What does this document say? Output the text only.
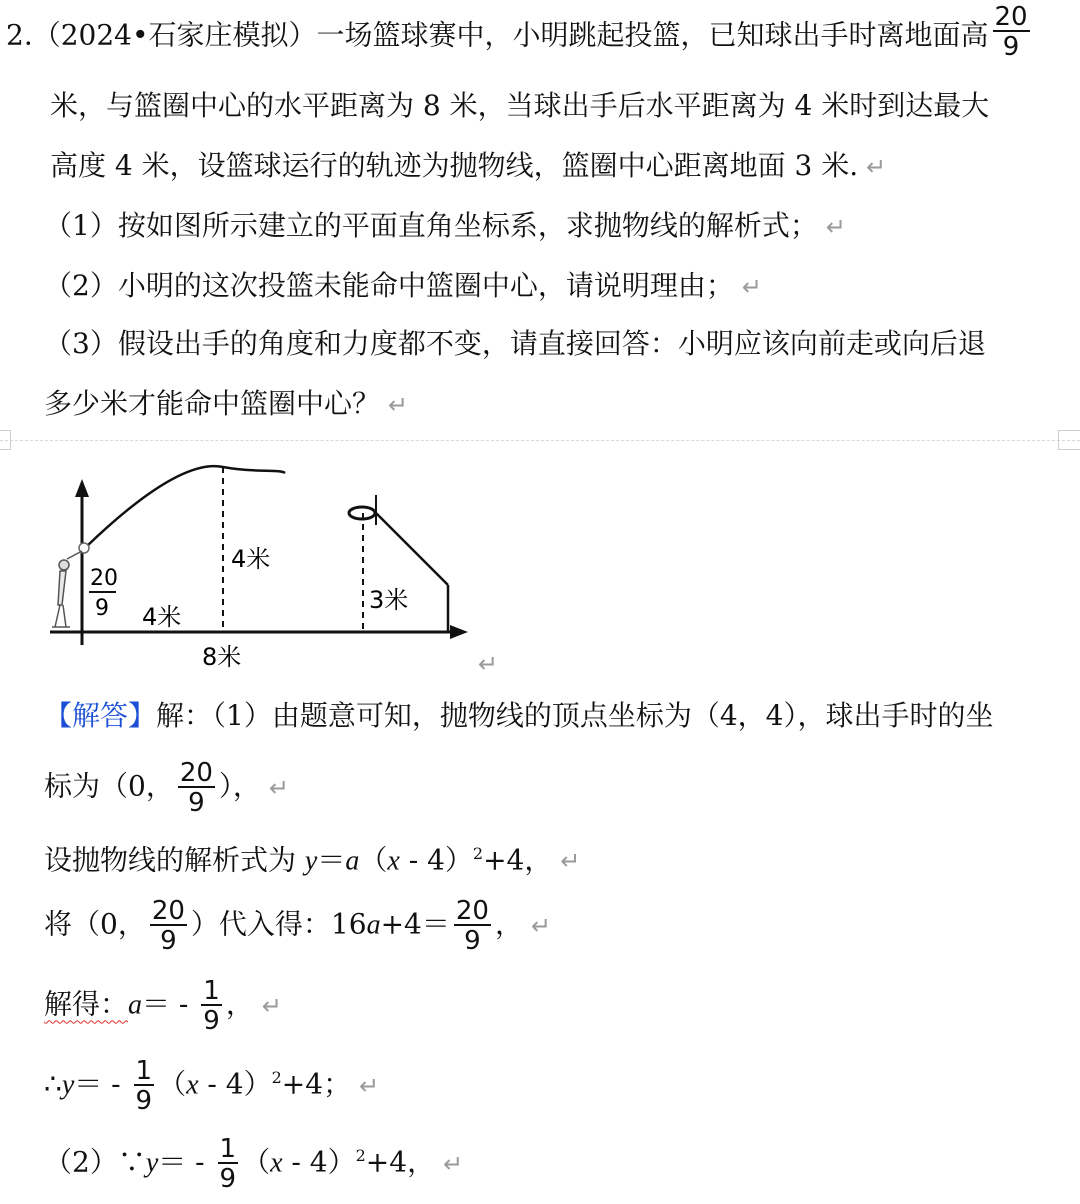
2.（2024•石家庄模拟）一场篮球赛中，小明跳起投篮，已知球出手时离地面高 $\frac{20}{9}$
米，与篮圈中心的水平距离为 8 米，当球出手后水平距离为 4 米时到达最大
高度 4 米，设篮球运行的轨迹为抛物线，篮圈中心距离地面 3 米. ↵
（1）按如图所示建立的平面直角坐标系，求抛物线的解析式； ↵
（2）小明的这次投篮未能命中篮圈中心，请说明理由； ↵
（3）假设出手的角度和力度都不变，请直接回答：小明应该向前走或向后退
多少米才能命中篮圈中心？ ↵
20
9
4米
4米
8米
3米
↵
【解答】解：（1）由题意可知，抛物线的顶点坐标为（4，4），球出手时的坐
标为（0， $\frac{20}{9}$ ）， ↵
设抛物线的解析式为 y＝a（x - 4）$^2$+4， ↵
将（0， $\frac{20}{9}$ ）代入得：$16a+4= \frac{20}{9}$ ， ↵
解得：$a= - \frac{1}{9}$ ， ↵
∴y＝ - $\frac{1}{9} (x - 4)^2+4$； ↵
（2）∵y＝ - $\frac{1}{9} (x - 4)^2+4$， ↵
